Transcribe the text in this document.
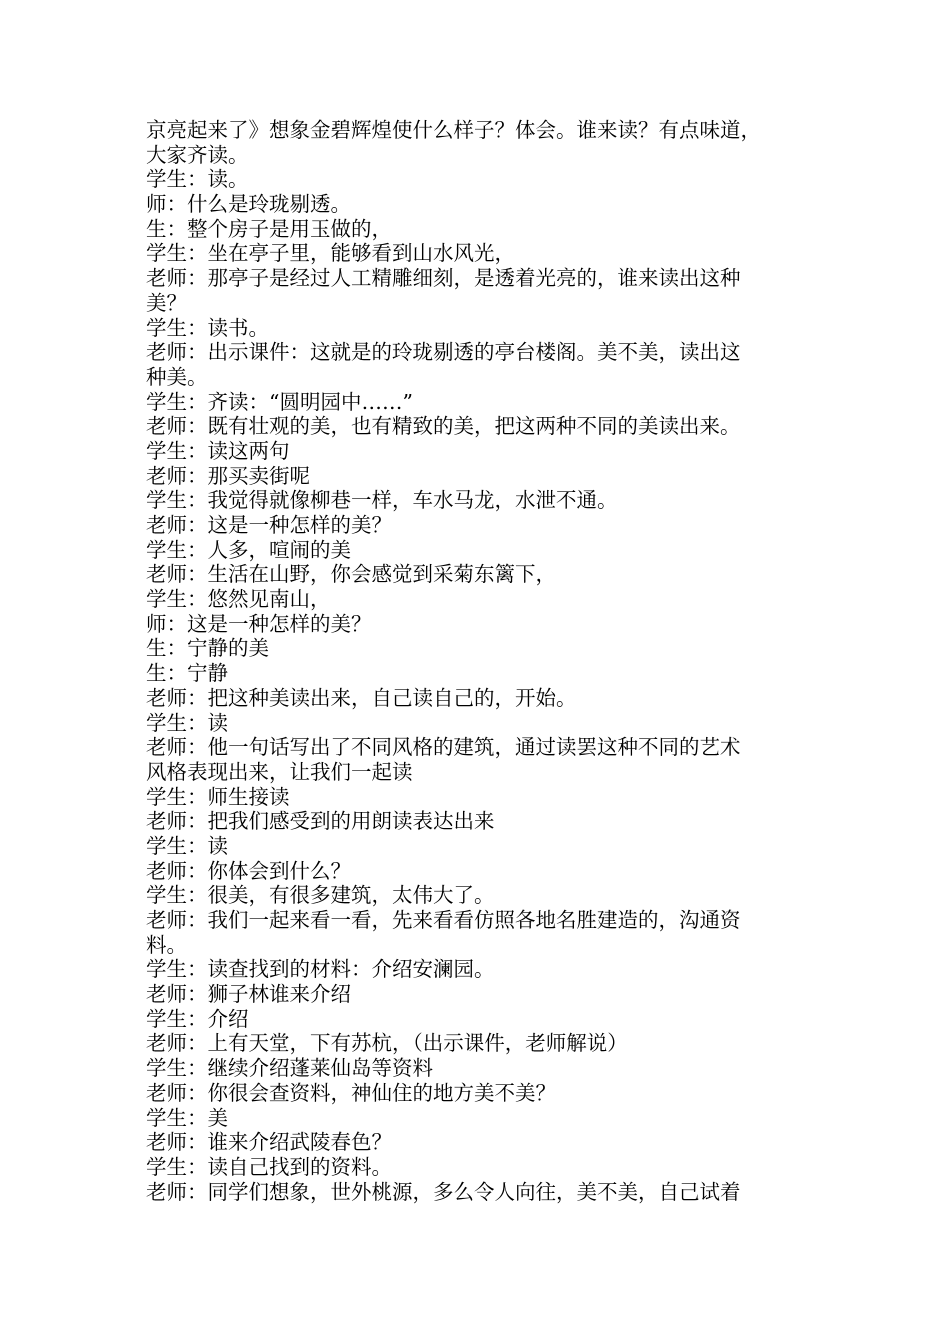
京亮起来了》想象金碧辉煌使什么样子？体会。谁来读？有点味道，
大家齐读。
学生：读。
师：什么是玲珑剔透。
生：整个房子是用玉做的，
学生：坐在亭子里，能够看到山水风光，
老师：那亭子是经过人工精雕细刻，是透着光亮的，谁来读出这种
美？
学生：读书。
老师：出示课件：这就是的玲珑剔透的亭台楼阁。美不美，读出这
种美。
学生：齐读：“圆明园中……”
老师：既有壮观的美，也有精致的美，把这两种不同的美读出来。
学生：读这两句
老师：那买卖街呢
学生：我觉得就像柳巷一样，车水马龙，水泄不通。
老师：这是一种怎样的美？
学生：人多，喧闹的美
老师：生活在山野，你会感觉到采菊东篱下，
学生：悠然见南山，
师：这是一种怎样的美？
生：宁静的美
生：宁静
老师：把这种美读出来，自己读自己的，开始。
学生：读
老师：他一句话写出了不同风格的建筑，通过读罢这种不同的艺术
风格表现出来，让我们一起读
学生：师生接读
老师：把我们感受到的用朗读表达出来
学生：读
老师：你体会到什么？
学生：很美，有很多建筑，太伟大了。
老师：我们一起来看一看，先来看看仿照各地名胜建造的，沟通资
料。
学生：读查找到的材料：介绍安澜园。
老师：狮子林谁来介绍
学生：介绍
老师：上有天堂，下有苏杭，（出示课件，老师解说）
学生：继续介绍蓬莱仙岛等资料
老师：你很会查资料，神仙住的地方美不美？
学生：美
老师：谁来介绍武陵春色？
学生：读自己找到的资料。
老师：同学们想象，世外桃源，多么令人向往，美不美，自己试着
